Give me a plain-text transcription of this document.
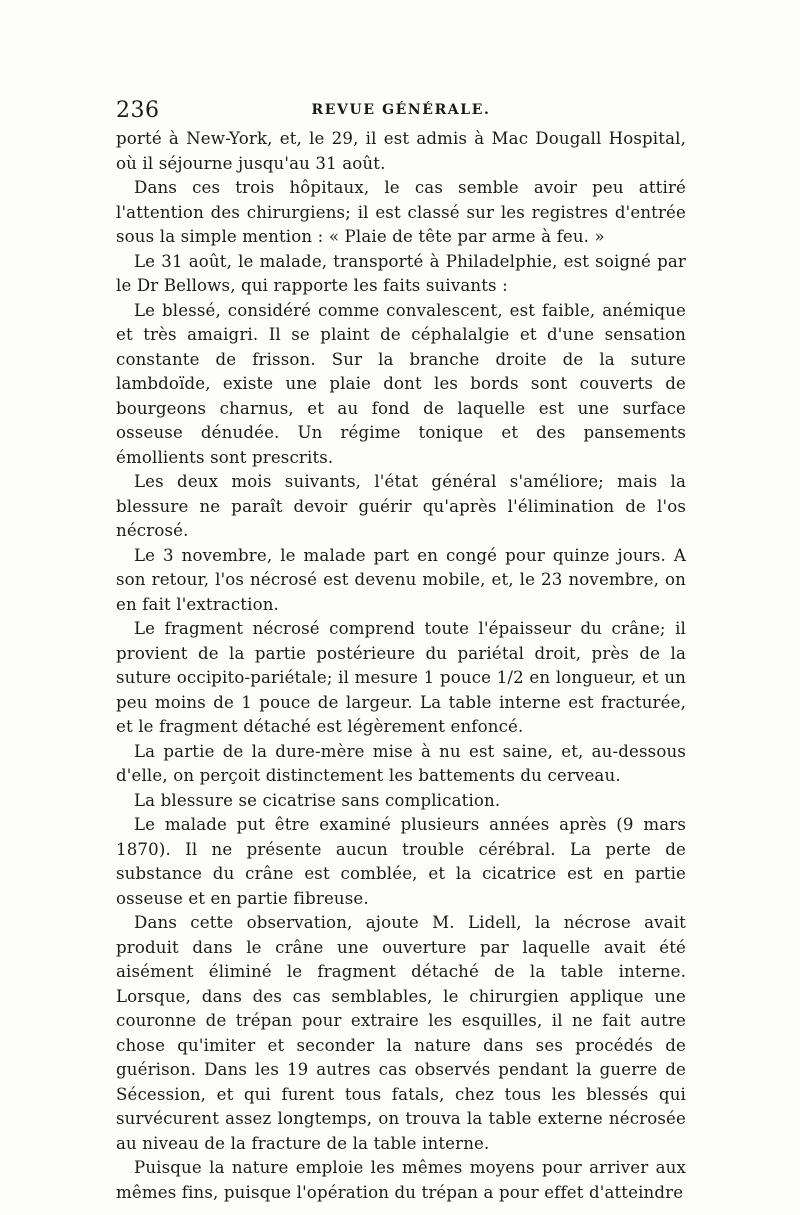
236	REVUE GÉNÉRALE.

porté à New-York, et, le 29, il est admis à Mac Dougall Hospital, où il séjourne jusqu'au 31 août.

Dans ces trois hôpitaux, le cas semble avoir peu attiré l'attention des chirurgiens; il est classé sur les registres d'entrée sous la simple mention : « Plaie de tête par arme à feu. »

Le 31 août, le malade, transporté à Philadelphie, est soigné par le Dr Bellows, qui rapporte les faits suivants :

Le blessé, considéré comme convalescent, est faible, anémique et très amaigri. Il se plaint de céphalalgie et d'une sensation constante de frisson. Sur la branche droite de la suture lambdoïde, existe une plaie dont les bords sont couverts de bourgeons charnus, et au fond de laquelle est une surface osseuse dénudée. Un régime tonique et des pansements émollients sont prescrits.

Les deux mois suivants, l'état général s'améliore; mais la blessure ne paraît devoir guérir qu'après l'élimination de l'os nécrosé.

Le 3 novembre, le malade part en congé pour quinze jours. A son retour, l'os nécrosé est devenu mobile, et, le 23 novembre, on en fait l'extraction.

Le fragment nécrosé comprend toute l'épaisseur du crâne; il provient de la partie postérieure du pariétal droit, près de la suture occipito-pariétale; il mesure 1 pouce 1/2 en longueur, et un peu moins de 1 pouce de largeur. La table interne est fracturée, et le fragment détaché est légèrement enfoncé.

La partie de la dure-mère mise à nu est saine, et, au-dessous d'elle, on perçoit distinctement les battements du cerveau.

La blessure se cicatrise sans complication.

Le malade put être examiné plusieurs années après (9 mars 1870). Il ne présente aucun trouble cérébral. La perte de substance du crâne est comblée, et la cicatrice est en partie osseuse et en partie fibreuse.

Dans cette observation, ajoute M. Lidell, la nécrose avait produit dans le crâne une ouverture par laquelle avait été aisément éliminé le fragment détaché de la table interne. Lorsque, dans des cas semblables, le chirurgien applique une couronne de trépan pour extraire les esquilles, il ne fait autre chose qu'imiter et seconder la nature dans ses procédés de guérison. Dans les 19 autres cas observés pendant la guerre de Sécession, et qui furent tous fatals, chez tous les blessés qui survécurent assez longtemps, on trouva la table externe nécrosée au niveau de la fracture de la table interne.

Puisque la nature emploie les mêmes moyens pour arriver aux mêmes fins, puisque l'opération du trépan a pour effet d'atteindre
